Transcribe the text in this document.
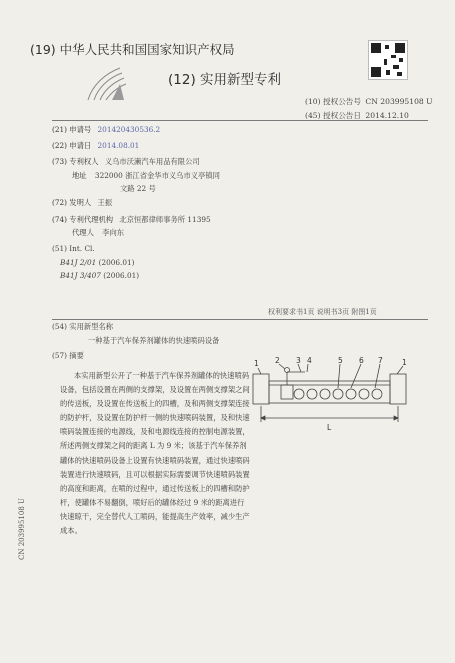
(19) 中华人民共和国国家知识产权局
(12) 实用新型专利
(10) 授权公告号 CN 203995108 U
(45) 授权公告日 2014.12.10
(21) 申请号 201420430536.2
(22) 申请日 2014.08.01
(73) 专利权人 义乌市沃濑汽车用品有限公司
地址 322000 浙江省金华市义乌市义亭镇同
文路 22 号
(72) 发明人 王振
(74) 专利代理机构 北京恒都律师事务所 11395
代理人 李向东
(51) Int. Cl.
B41J 2/01 (2006.01)
B41J 3/407 (2006.01)
权利要求书1页 说明书3页 附图1页
(54) 实用新型名称
一种基于汽车保养剂罐体的快速喷码设备
(57) 摘要
本实用新型公开了一种基于汽车保养剂罐体的快速喷码设备，包括设置在两侧的支撑架，及设置在两侧支撑架之间的传送板，及设置在传送板上的四槽，及和两侧支撑架连接的防护杆，及设置在防护杆一侧的快速喷码装置，及和快速喷码装置连接的电源线，及和电源线连接的控制电源装置，所述两侧支撑架之间的距离 L 为 9 米；该基于汽车保养剂罐体的快速喷码设备上设置有快速喷码装置，通过快速喷码装置进行快速喷码，且可以根据实际需要调节快速喷码装置的高度和距离，在喷的过程中，通过传送板上的四槽和防护杆，使罐体不易翻倒，喷好后的罐体经过 9 米的距离进行快速晾干，完全替代人工喷码，能提高生产效率，减少生产成本。
1 2 3 4	5 6 7	1
L
CN 203995108 U
